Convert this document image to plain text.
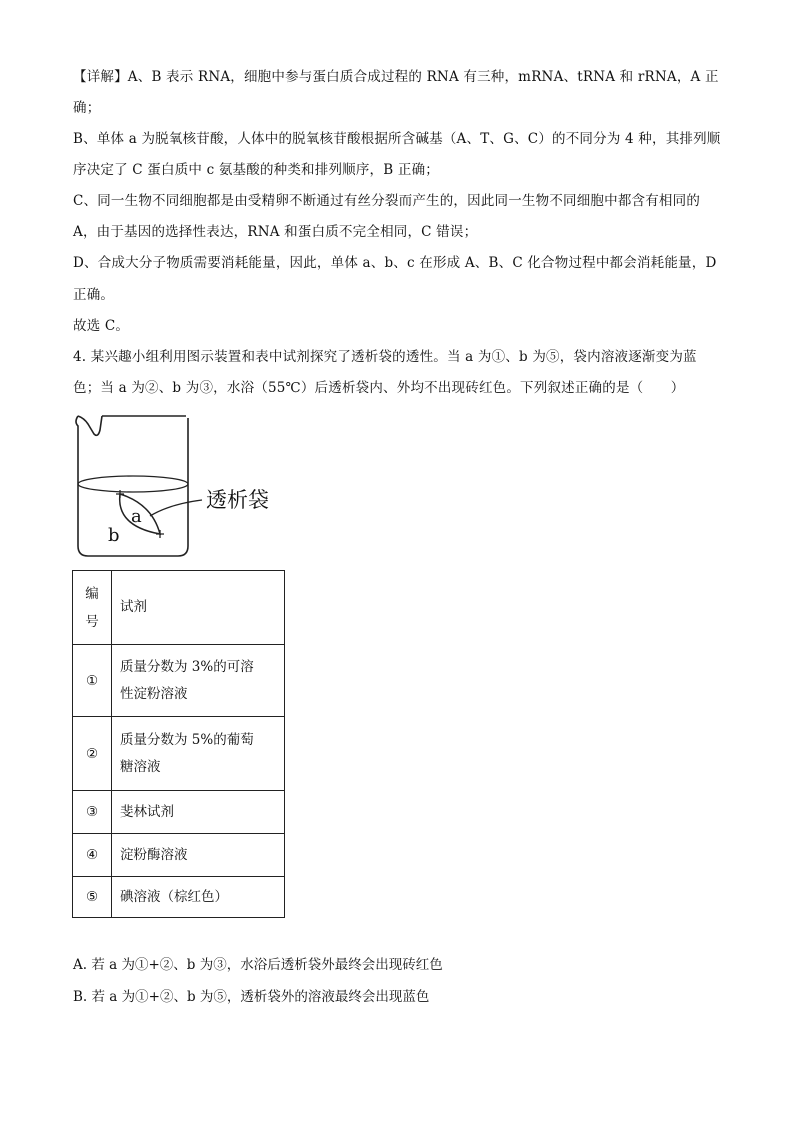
【详解】A、B 表示 RNA，细胞中参与蛋白质合成过程的 RNA 有三种，mRNA、tRNA 和 rRNA，A 正
确；
B、单体 a 为脱氧核苷酸，人体中的脱氧核苷酸根据所含碱基（A、T、G、C）的不同分为 4 种，其排列顺
序决定了 C 蛋白质中 c 氨基酸的种类和排列顺序，B 正确；
C、同一生物不同细胞都是由受精卵不断通过有丝分裂而产生的，因此同一生物不同细胞中都含有相同的
A，由于基因的选择性表达，RNA 和蛋白质不完全相同，C 错误；
D、合成大分子物质需要消耗能量，因此，单体 a、b、c 在形成 A、B、C 化合物过程中都会消耗能量，D
正确。
故选 C。
4. 某兴趣小组利用图示装置和表中试剂探究了透析袋的透性。当 a 为①、b 为⑤，袋内溶液逐渐变为蓝
色；当 a 为②、b 为③，水浴（55℃）后透析袋内、外均不出现砖红色。下列叙述正确的是（　　）
透析袋
a
b
编
号	试剂
①	质量分数为 3%的可溶
性淀粉溶液

②	质量分数为 5%的葡萄
糖溶液

③	斐林试剂
④	淀粉酶溶液
⑤	碘溶液（棕红色）
A. 若 a 为①+②、b 为③，水浴后透析袋外最终会出现砖红色
B. 若 a 为①+②、b 为⑤，透析袋外的溶液最终会出现蓝色
